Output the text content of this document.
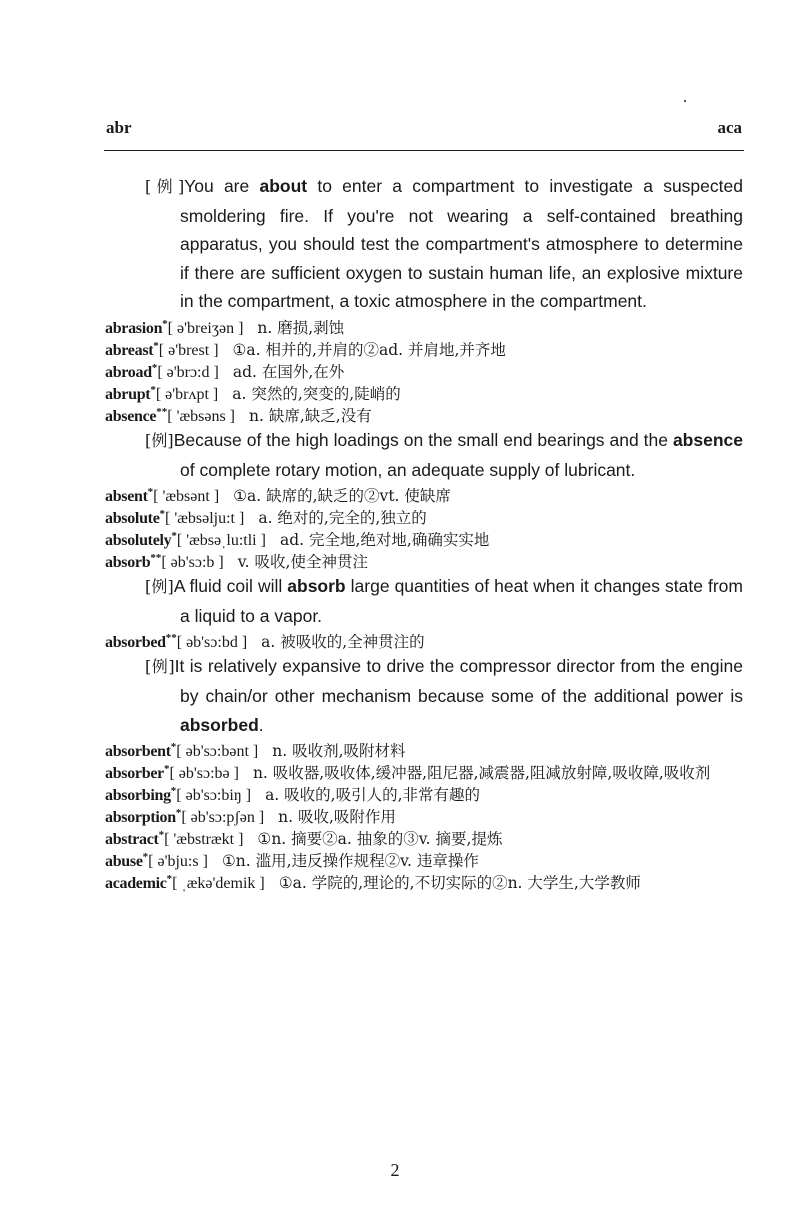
abr	aca
[例]You are about to enter a compartment to investigate a suspected smoldering fire. If you're not wearing a self-contained breathing apparatus, you should test the compartment's atmosphere to determine if there are sufficient oxygen to sustain human life, an explosive mixture in the compartment, a toxic atmosphere in the compartment.
abrasion*[ ə'breiʒən ] n. 磨损,剥蚀
abreast*[ ə'brest ] ①a. 相并的,并肩的②ad. 并肩地,并齐地
abroad*[ ə'brɔ:d ] ad. 在国外,在外
abrupt*[ ə'brʌpt ] a. 突然的,突变的,陡峭的
absence**[ 'æbsəns ] n. 缺席,缺乏,没有
[例]Because of the high loadings on the small end bearings and the absence of complete rotary motion, an adequate supply of lubricant.
absent*[ 'æbsənt ] ①a. 缺席的,缺乏的②vt. 使缺席
absolute*[ 'æbsəlju:t ] a. 绝对的,完全的,独立的
absolutely*[ 'æbsəˌlu:tli ] ad. 完全地,绝对地,确确实实地
absorb**[ əb'sɔ:b ] v. 吸收,使全神贯注
[例]A fluid coil will absorb large quantities of heat when it changes state from a liquid to a vapor.
absorbed**[ əb'sɔ:bd ] a. 被吸收的,全神贯注的
[例]It is relatively expansive to drive the compressor director from the engine by chain/or other mechanism because some of the additional power is absorbed.
absorbent*[ əb'sɔ:bənt ] n. 吸收剂,吸附材料
absorber*[ əb'sɔ:bə ] n. 吸收器,吸收体,缓冲器,阻尼器,减震器,阻减放射障,吸收障,吸收剂
absorbing*[ əb'sɔ:biŋ ] a. 吸收的,吸引人的,非常有趣的
absorption*[ əb'sɔ:pʃən ] n. 吸收,吸附作用
abstract*[ 'æbstrækt ] ①n. 摘要②a. 抽象的③v. 摘要,提炼
abuse*[ ə'bju:s ] ①n. 滥用,违反操作规程②v. 违章操作
academic*[ ˌækə'demik ] ①a. 学院的,理论的,不切实际的②n. 大学生,大学教师
2
